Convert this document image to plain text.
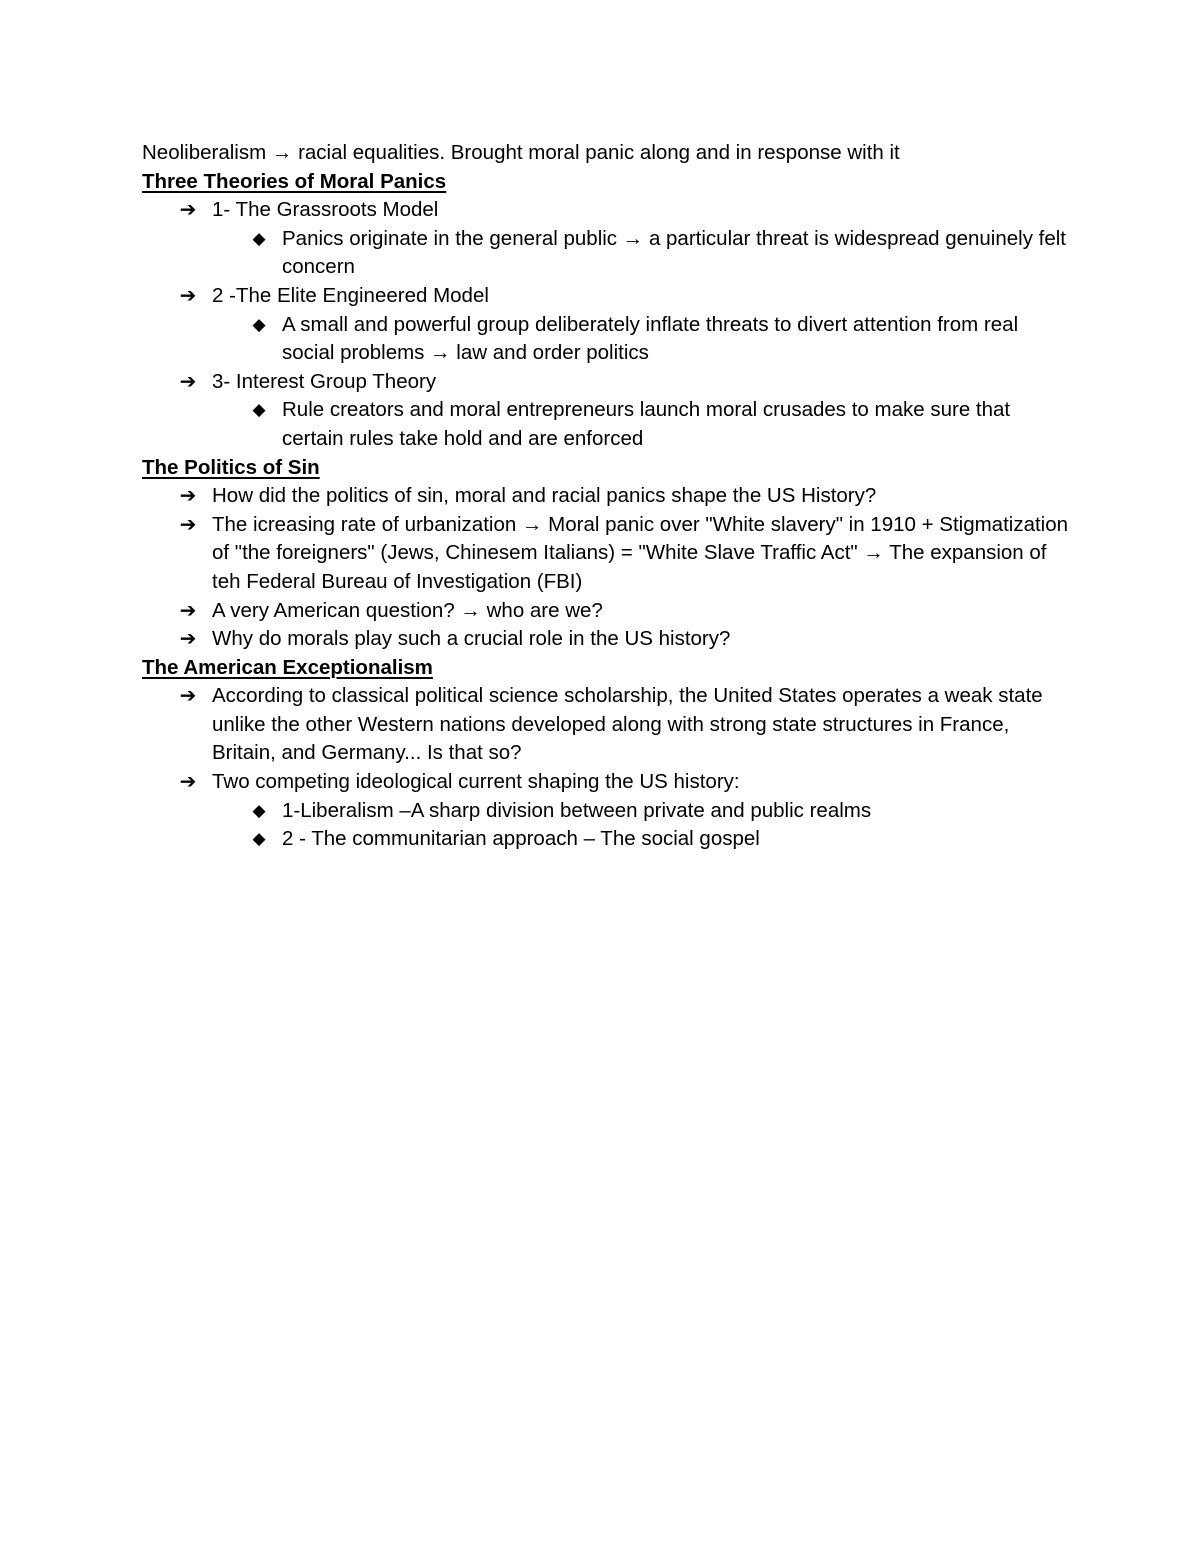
Neoliberalism → racial equalities. Brought moral panic along and in response with it

Three Theories of Moral Panics

➔ 1- The Grassroots Model
◆ Panics originate in the general public → a particular threat is widespread genuinely felt concern
➔ 2 -The Elite Engineered Model
◆ A small and powerful group deliberately inflate threats to divert attention from real social problems → law and order politics
➔ 3- Interest Group Theory
◆ Rule creators and moral entrepreneurs launch moral crusades to make sure that certain rules take hold and are enforced

The Politics of Sin

➔ How did the politics of sin, moral and racial panics shape the US History?
➔ The icreasing rate of urbanization → Moral panic over "White slavery" in 1910 + Stigmatization of "the foreigners" (Jews, Chinesem Italians) = "White Slave Traffic Act" → The expansion of teh Federal Bureau of Investigation (FBI)
➔ A very American question? → who are we?
➔ Why do morals play such a crucial role in the US history?

The American Exceptionalism

➔ According to classical political science scholarship, the United States operates a weak state unlike the other Western nations developed along with strong state structures in France, Britain, and Germany... Is that so?
➔ Two competing ideological current shaping the US history:
◆ 1-Liberalism –A sharp division between private and public realms
◆ 2 - The communitarian approach – The social gospel
